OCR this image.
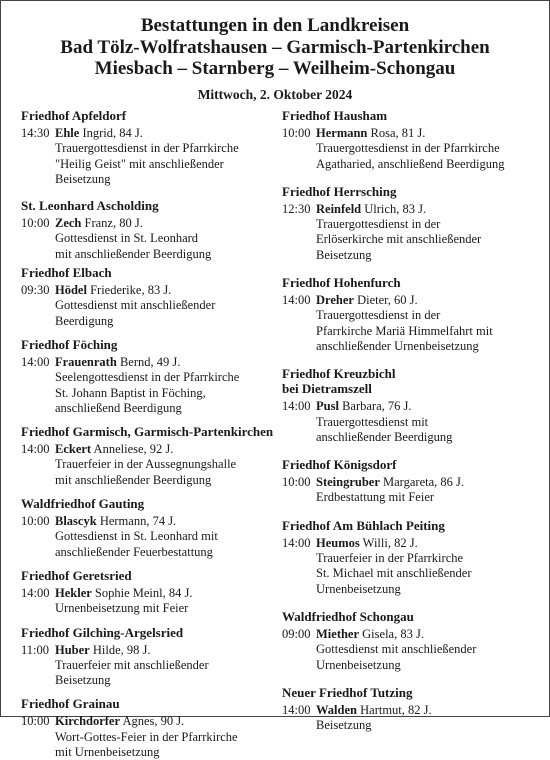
Bestattungen in den Landkreisen
Bad Tölz-Wolfratshausen – Garmisch-Partenkirchen
Miesbach – Starnberg – Weilheim-Schongau
Mittwoch, 2. Oktober 2024
Friedhof Apfeldorf
14:30 Ehle Ingrid, 84 J.
Trauergottesdienst in der Pfarrkirche
"Heilig Geist" mit anschließender
Beisetzung
St. Leonhard Ascholding
10:00 Zech Franz, 80 J.
Gottesdienst in St. Leonhard
mit anschließender Beerdigung
Friedhof Elbach
09:30 Hödel Friederike, 83 J.
Gottesdienst mit anschließender
Beerdigung
Friedhof Föching
14:00 Frauenrath Bernd, 49 J.
Seelengottesdienst in der Pfarrkirche
St. Johann Baptist in Föching,
anschließend Beerdigung
Friedhof Garmisch, Garmisch-Partenkirchen
14:00 Eckert Anneliese, 92 J.
Trauerfeier in der Aussegnungshalle
mit anschließender Beerdigung
Waldfriedhof Gauting
10:00 Blascyk Hermann, 74 J.
Gottesdienst in St. Leonhard mit
anschließender Feuerbestattung
Friedhof Geretsried
14:00 Hekler Sophie Meinl, 84 J.
Urnenbeisetzung mit Feier
Friedhof Gilching-Argelsried
11:00 Huber Hilde, 98 J.
Trauerfeier mit anschließender
Beisetzung
Friedhof Grainau
10:00 Kirchdorfer Agnes, 90 J.
Wort-Gottes-Feier in der Pfarrkirche
mit Urnenbeisetzung
Friedhof Hausham
10:00 Hermann Rosa, 81 J.
Trauergottesdienst in der Pfarrkirche
Agatharied, anschließend Beerdigung
Friedhof Herrsching
12:30 Reinfeld Ulrich, 83 J.
Trauergottesdienst in der
Erlöserkirche mit anschließender
Beisetzung
Friedhof Hohenfurch
14:00 Dreher Dieter, 60 J.
Trauergottesdienst in der
Pfarrkirche Mariä Himmelfahrt mit
anschließender Urnenbeisetzung
Friedhof Kreuzbichl
bei Dietramszell
14:00 Pusl Barbara, 76 J.
Trauergottesdienst mit
anschließender Beerdigung
Friedhof Königsdorf
10:00 Steingruber Margareta, 86 J.
Erdbestattung mit Feier
Friedhof Am Bühlach Peiting
14:00 Heumos Willi, 82 J.
Trauerfeier in der Pfarrkirche
St. Michael mit anschließender
Urnenbeisetzung
Waldfriedhof Schongau
09:00 Miether Gisela, 83 J.
Gottesdienst mit anschließender
Urnenbeisetzung
Neuer Friedhof Tutzing
14:00 Walden Hartmut, 82 J.
Beisetzung
